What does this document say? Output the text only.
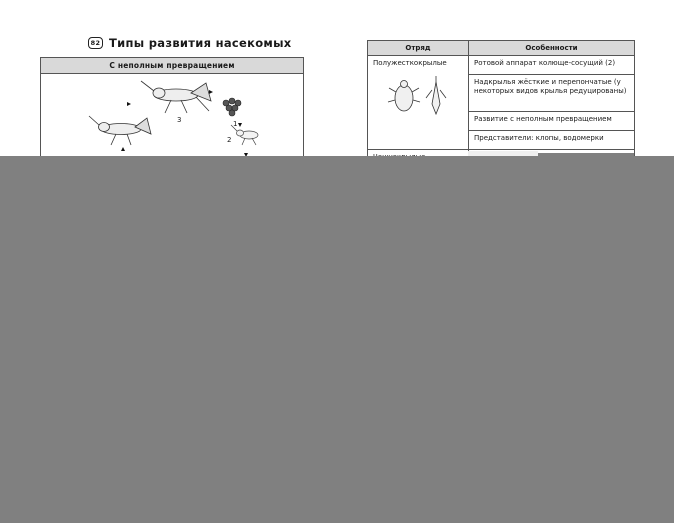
82 Типы развития насекомых
С неполным превращением
1
2
3
Отряд	Особенности

Полужесткокрылые	Ротовой аппарат колюще-сосущий (2)
	Надкрылья жёсткие и перепончатые (у некоторых видов крылья редуцированы)
	Развитие с неполным превращением
	Представители: клопы, водомерки
